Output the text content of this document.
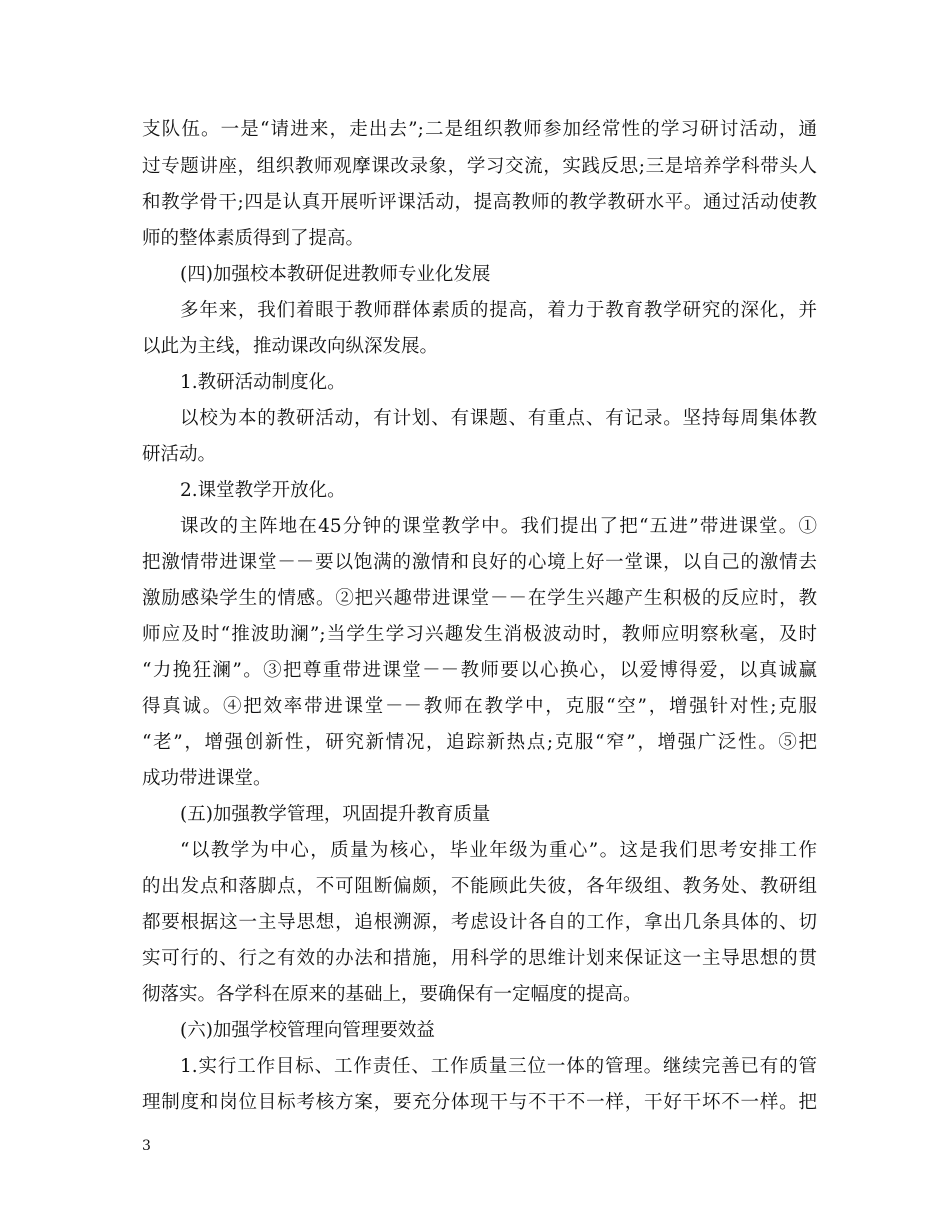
支队伍。一是“请进来，走出去”;二是组织教师参加经常性的学习研讨活动，通
过专题讲座，组织教师观摩课改录象，学习交流，实践反思;三是培养学科带头人
和教学骨干;四是认真开展听评课活动，提高教师的教学教研水平。通过活动使教
师的整体素质得到了提高。
(四)加强校本教研促进教师专业化发展
多年来，我们着眼于教师群体素质的提高，着力于教育教学研究的深化，并
以此为主线，推动课改向纵深发展。
1.教研活动制度化。
以校为本的教研活动，有计划、有课题、有重点、有记录。坚持每周集体教
研活动。
2.课堂教学开放化。
课改的主阵地在45分钟的课堂教学中。我们提出了把“五进”带进课堂。①
把激情带进课堂－－要以饱满的激情和良好的心境上好一堂课，以自己的激情去
激励感染学生的情感。②把兴趣带进课堂－－在学生兴趣产生积极的反应时，教
师应及时“推波助澜”;当学生学习兴趣发生消极波动时，教师应明察秋毫，及时
“力挽狂澜”。③把尊重带进课堂－－教师要以心换心，以爱博得爱，以真诚赢
得真诚。④把效率带进课堂－－教师在教学中，克服“空”，增强针对性;克服
“老”，增强创新性，研究新情况，追踪新热点;克服“窄”，增强广泛性。⑤把
成功带进课堂。
(五)加强教学管理，巩固提升教育质量
“以教学为中心，质量为核心，毕业年级为重心”。这是我们思考安排工作
的出发点和落脚点，不可阻断偏颇，不能顾此失彼，各年级组、教务处、教研组
都要根据这一主导思想，追根溯源，考虑设计各自的工作，拿出几条具体的、切
实可行的、行之有效的办法和措施，用科学的思维计划来保证这一主导思想的贯
彻落实。各学科在原来的基础上，要确保有一定幅度的提高。
(六)加强学校管理向管理要效益
1.实行工作目标、工作责任、工作质量三位一体的管理。继续完善已有的管
理制度和岗位目标考核方案，要充分体现干与不干不一样，干好干坏不一样。把
3
